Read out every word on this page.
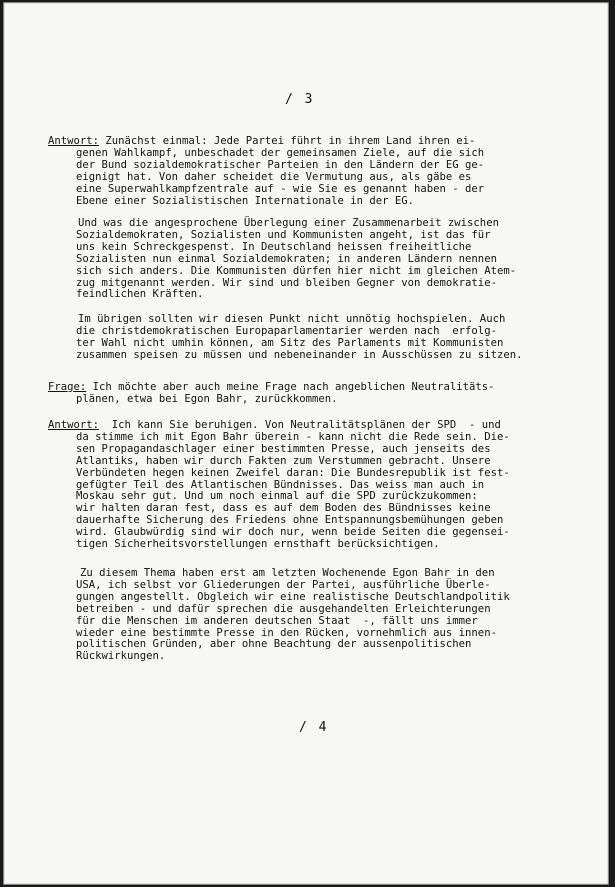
/ 3
Antwort: Zunächst einmal: Jede Partei führt in ihrem Land ihren ei-
genen Wahlkampf, unbeschadet der gemeinsamen Ziele, auf die sich
der Bund sozialdemokratischer Parteien in den Ländern der EG ge-
eignigt hat. Von daher scheidet die Vermutung aus, als gäbe es
eine Superwahlkampfzentrale auf - wie Sie es genannt haben - der
Ebene einer Sozialistischen Internationale in der EG.
Und was die angesprochene Überlegung einer Zusammenarbeit zwischen
Sozialdemokraten, Sozialisten und Kommunisten angeht, ist das für
uns kein Schreckgespenst. In Deutschland heissen freiheitliche
Sozialisten nun einmal Sozialdemokraten; in anderen Ländern nennen
sich sich anders. Die Kommunisten dürfen hier nicht im gleichen Atem-
zug mitgenannt werden. Wir sind und bleiben Gegner von demokratie-
feindlichen Kräften.
Im übrigen sollten wir diesen Punkt nicht unnötig hochspielen. Auch
die christdemokratischen Europaparlamentarier werden nach  erfolg-
ter Wahl nicht umhin können, am Sitz des Parlaments mit Kommunisten
zusammen speisen zu müssen und nebeneinander in Ausschüssen zu sitzen.
Frage: Ich möchte aber auch meine Frage nach angeblichen Neutralitäts-
plänen, etwa bei Egon Bahr, zurückkommen.
Antwort:  Ich kann Sie beruhigen. Von Neutralitätsplänen der SPD  - und
da stimme ich mit Egon Bahr überein - kann nicht die Rede sein. Die-
sen Propagandaschlager einer bestimmten Presse, auch jenseits des
Atlantiks, haben wir durch Fakten zum Verstummen gebracht. Unsere
Verbündeten hegen keinen Zweifel daran: Die Bundesrepublik ist fest-
gefügter Teil des Atlantischen Bündnisses. Das weiss man auch in
Moskau sehr gut. Und um noch einmal auf die SPD zurückzukommen:
wir halten daran fest, dass es auf dem Boden des Bündnisses keine
dauerhafte Sicherung des Friedens ohne Entspannungsbemühungen geben
wird. Glaubwürdig sind wir doch nur, wenn beide Seiten die gegensei-
tigen Sicherheitsvorstellungen ernsthaft berücksichtigen.
Zu diesem Thema haben erst am letzten Wochenende Egon Bahr in den
USA, ich selbst vor Gliederungen der Partei, ausführliche Überle-
gungen angestellt. Obgleich wir eine realistische Deutschlandpolitik
betreiben - und dafür sprechen die ausgehandelten Erleichterungen
für die Menschen im anderen deutschen Staat  -, fällt uns immer
wieder eine bestimmte Presse in den Rücken, vornehmlich aus innen-
politischen Gründen, aber ohne Beachtung der aussenpolitischen
Rückwirkungen.
/ 4
